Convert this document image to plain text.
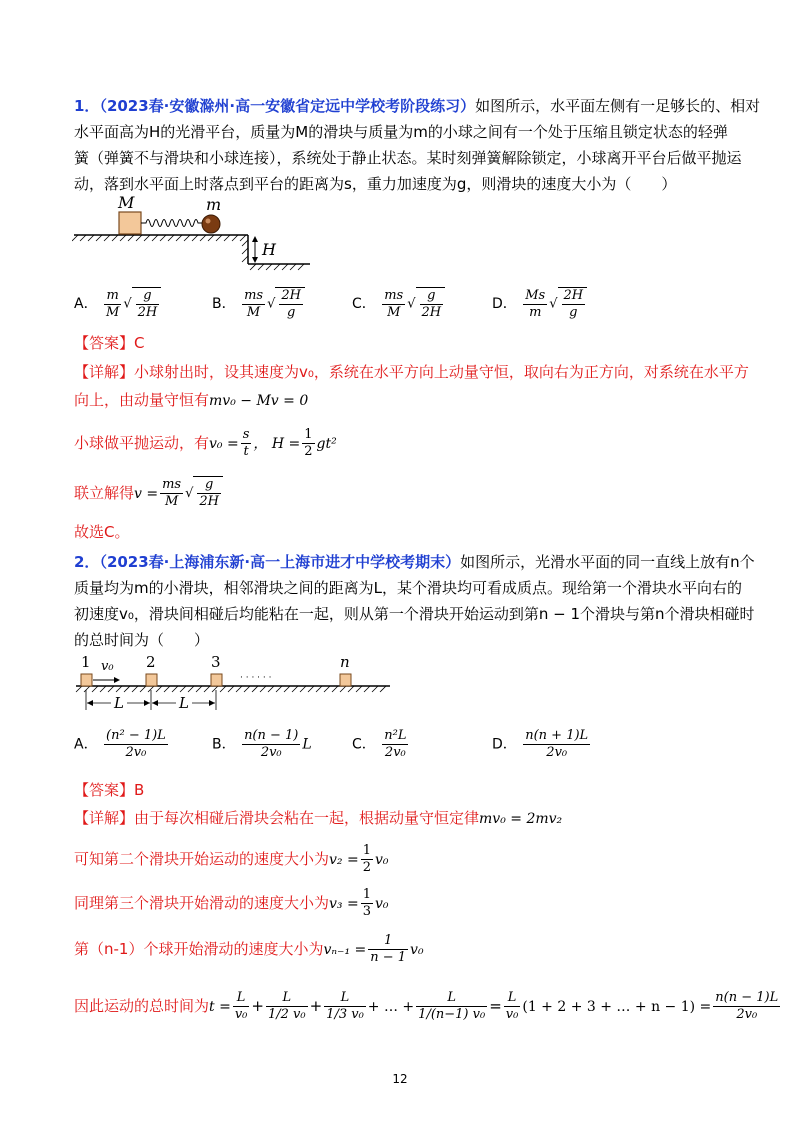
1．（2023春·安徽滁州·高一安徽省定远中学校考阶段练习）如图所示，水平面左侧有一足够长的、相对
水平面高为H的光滑平台，质量为M的滑块与质量为m的小球之间有一个处于压缩且锁定状态的轻弹
簧（弹簧不与滑块和小球连接），系统处于静止状态。某时刻弹簧解除锁定，小球离开平台后做平抛运
动，落到水平面上时落点到平台的距离为s，重力加速度为g，则滑块的速度大小为（　　）
M	m
H
A． $\frac{m}{M}$ √ $\frac{g}{2H}$	B． $\frac{ms}{M}$ √ $\frac{2H}{g}$	C． $\frac{ms}{M}$ √ $\frac{g}{2H}$	D． $\frac{Ms}{m}$ √ $\frac{2H}{g}$
【答案】C
【详解】小球射出时，设其速度为v₀，系统在水平方向上动量守恒，取向右为正方向，对系统在水平方
向上，由动量守恒有mv₀ − Mv = 0
小球做平抛运动，有$v_0 = \frac{s}{t}$ ， $H = \frac{1}{2} gt^2$
联立解得$v = \frac{ms}{M}$ √ $\frac{g}{2H}$
故选C。
2．（2023春·上海浦东新·高一上海市进才中学校考期末）如图所示，光滑水平面的同一直线上放有n个
质量均为m的小滑块，相邻滑块之间的距离为L，某个滑块均可看成质点。现给第一个滑块水平向右的
初速度v₀，滑块间相碰后均能粘在一起，则从第一个滑块开始运动到第n − 1个滑块与第n个滑块相碰时
的总时间为（　　）
1	2	3	n
· · · · · ·
v₀
L	L
A． $\frac{\text{(n² − 1)L}}{\text{2v₀}}$	B． $\frac{n(n - 1)}{\text{2v₀}}$ L	C． $\frac{\text{n²L}}{\text{2v₀}}$	D． $\frac{n(n + 1)L}{\text{2v₀}}$
【答案】B
【详解】由于每次相碰后滑块会粘在一起，根据动量守恒定律mv₀ = 2mv₂
可知第二个滑块开始运动的速度大小为$v_2 = \frac{1}{2} v_0$
同理第三个滑块开始滑动的速度大小为$v_3 = \frac{1}{3} v_0$
第（n-1）个球开始滑动的速度大小为$v_{n-1} = \frac{1}{n - 1} v_0$
因此运动的总时间为$t = \frac{L}{\text{v₀}} + \frac{L}{\text{1/2 v₀}} + \frac{L}{\text{1/3 v₀}}$ + … + $\frac{L}{\text{1/(n−1) v₀}} = \frac{L}{\text{v₀}} (1 + 2 + 3$ + … + $n - 1) = \frac{n(n - 1)L}{\text{2v₀}}$
12
